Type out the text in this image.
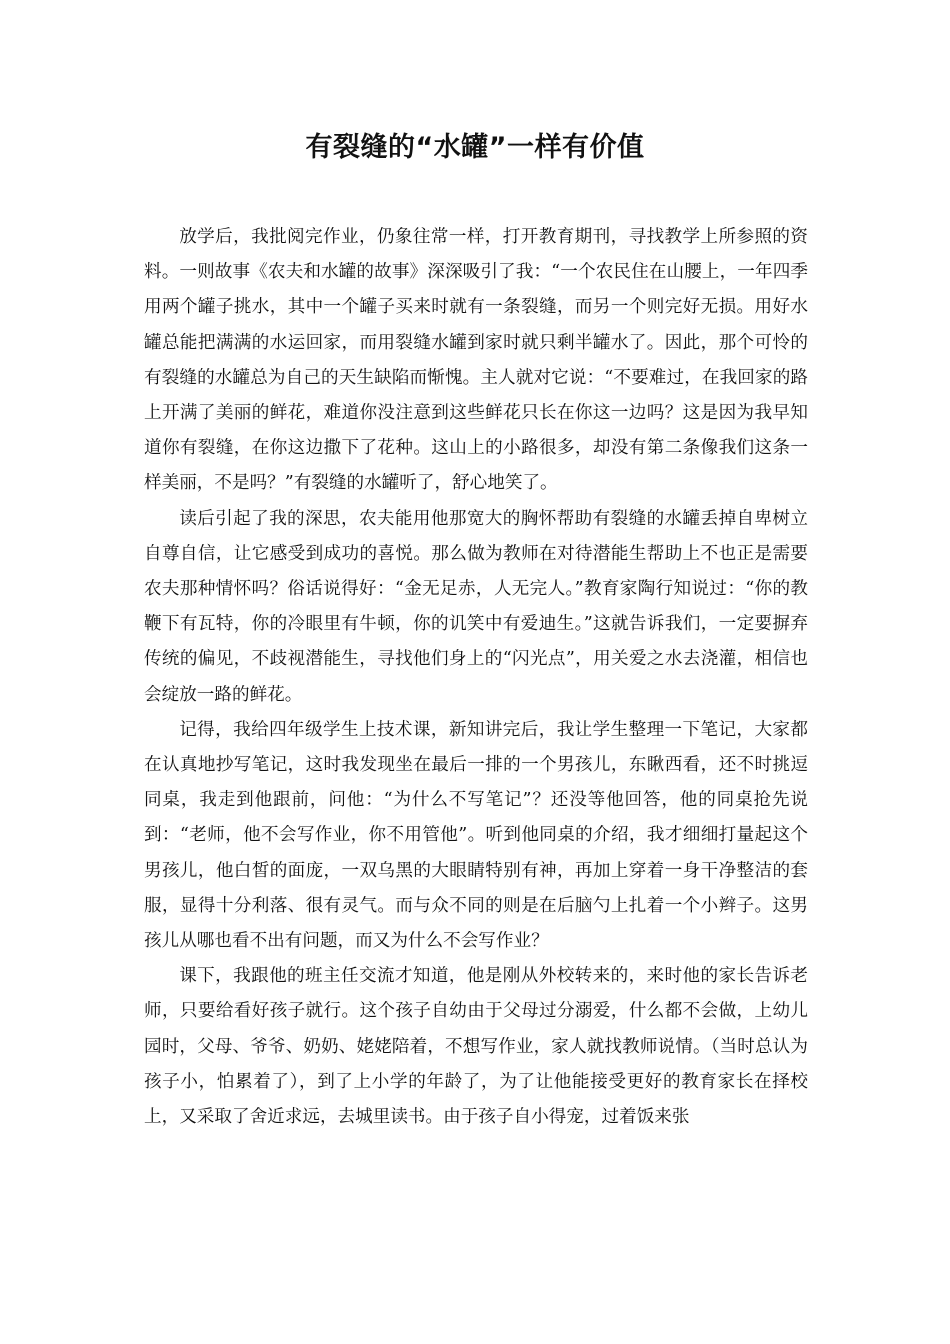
有裂缝的“水罐”一样有价值

放学后，我批阅完作业，仍象往常一样，打开教育期刊，寻找教学上所参照的资料。一则故事《农夫和水罐的故事》深深吸引了我：“一个农民住在山腰上，一年四季用两个罐子挑水，其中一个罐子买来时就有一条裂缝，而另一个则完好无损。用好水罐总能把满满的水运回家，而用裂缝水罐到家时就只剩半罐水了。因此，那个可怜的有裂缝的水罐总为自己的天生缺陷而惭愧。主人就对它说：“不要难过，在我回家的路上开满了美丽的鲜花，难道你没注意到这些鲜花只长在你这一边吗？这是因为我早知道你有裂缝，在你这边撒下了花种。这山上的小路很多，却没有第二条像我们这条一样美丽，不是吗？”有裂缝的水罐听了，舒心地笑了。

读后引起了我的深思，农夫能用他那宽大的胸怀帮助有裂缝的水罐丢掉自卑树立自尊自信，让它感受到成功的喜悦。那么做为教师在对待潜能生帮助上不也正是需要农夫那种情怀吗？俗话说得好：“金无足赤，人无完人。”教育家陶行知说过：“你的教鞭下有瓦特，你的冷眼里有牛顿，你的讥笑中有爱迪生。”这就告诉我们，一定要摒弃传统的偏见，不歧视潜能生，寻找他们身上的“闪光点”，用关爱之水去浇灌，相信也会绽放一路的鲜花。

记得，我给四年级学生上技术课，新知讲完后，我让学生整理一下笔记，大家都在认真地抄写笔记，这时我发现坐在最后一排的一个男孩儿，东瞅西看，还不时挑逗同桌，我走到他跟前，问他：“为什么不写笔记”？还没等他回答，他的同桌抢先说到：“老师，他不会写作业，你不用管他”。听到他同桌的介绍，我才细细打量起这个男孩儿，他白皙的面庞，一双乌黑的大眼睛特别有神，再加上穿着一身干净整洁的套服，显得十分利落、很有灵气。而与众不同的则是在后脑勺上扎着一个小辫子。这男孩儿从哪也看不出有问题，而又为什么不会写作业？

课下，我跟他的班主任交流才知道，他是刚从外校转来的，来时他的家长告诉老师，只要给看好孩子就行。这个孩子自幼由于父母过分溺爱，什么都不会做，上幼儿园时，父母、爷爷、奶奶、姥姥陪着，不想写作业，家人就找教师说情。（当时总认为孩子小，怕累着了），到了上小学的年龄了，为了让他能接受更好的教育家长在择校上，又采取了舍近求远，去城里读书。由于孩子自小得宠，过着饭来张
